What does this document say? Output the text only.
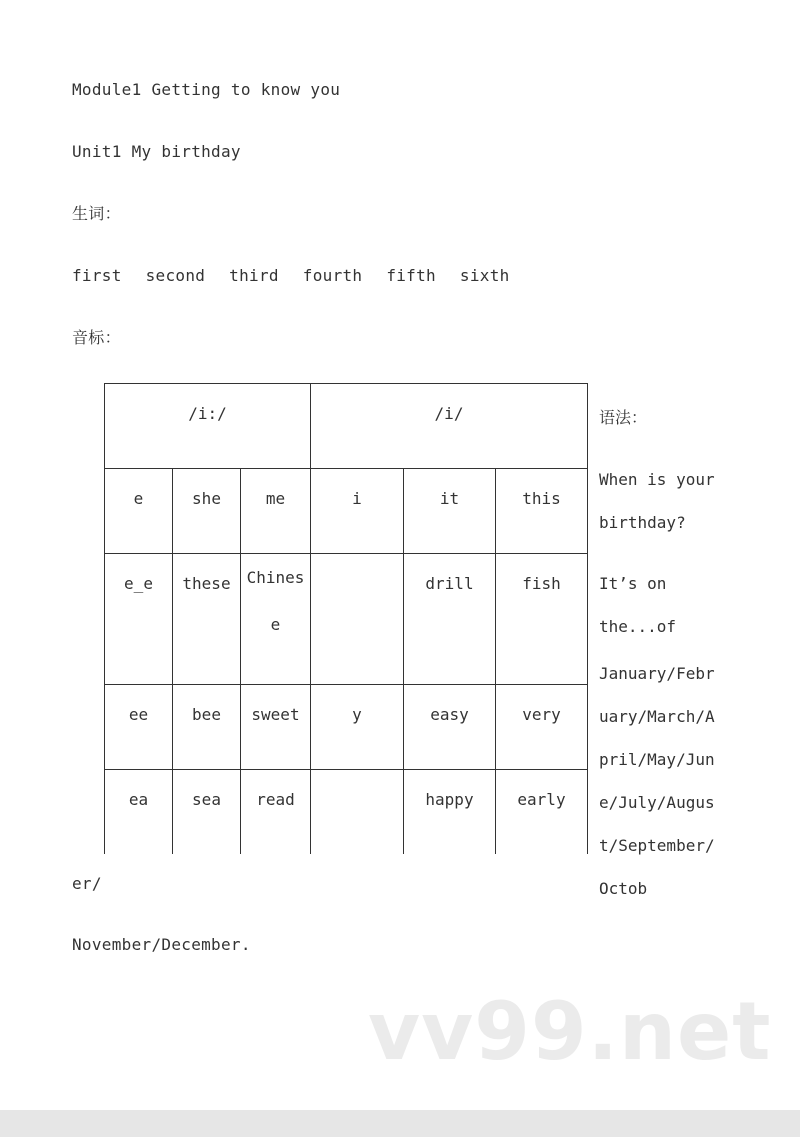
Module1 Getting to know you
Unit1 My birthday
生词：
first second third fourth fifth sixth
音标：
/i:/			/i/		
e	she	me	i	it	this
e_e	these	Chinese		drill	fish
ee	bee	sweet	y	easy	very
ea	sea	read		happy	early
语法：
When is your
birthday?
It’s on
the...of
January/February/March/April/May/June/July/August/September/Octob
er/
November/December.
vv99.net
